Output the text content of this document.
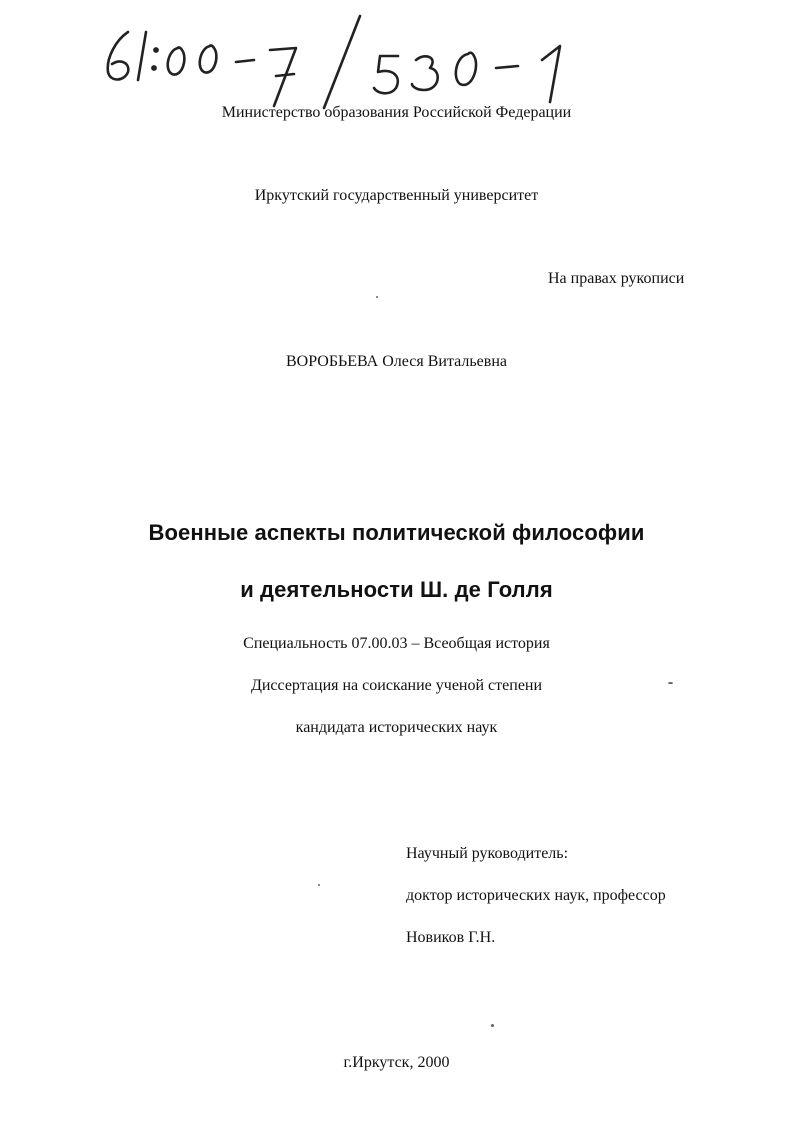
Министерство образования Российской Федерации
Иркутский государственный университет
На правах рукописи
ВОРОБЬЕВА Олеся Витальевна
Военные аспекты политической философии
и деятельности Ш. де Голля
Специальность 07.00.03 – Всеобщая история
Диссертация на соискание ученой степени
кандидата исторических наук
Научный руководитель:
доктор исторических наук, профессор
Новиков Г.Н.
г.Иркутск, 2000
